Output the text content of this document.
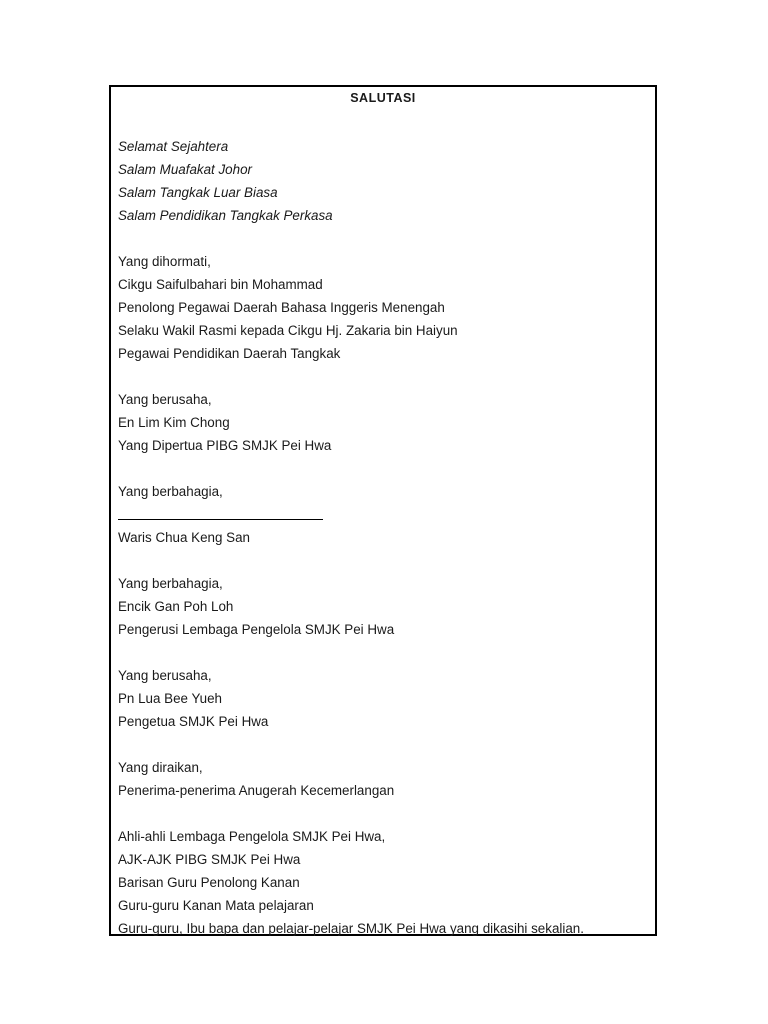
SALUTASI
Selamat Sejahtera
Salam Muafakat Johor
Salam Tangkak Luar Biasa
Salam Pendidikan Tangkak Perkasa
Yang dihormati,
Cikgu Saifulbahari bin Mohammad
Penolong Pegawai Daerah Bahasa Inggeris Menengah
Selaku Wakil Rasmi kepada Cikgu Hj. Zakaria bin Haiyun
Pegawai Pendidikan Daerah Tangkak
Yang berusaha,
En Lim Kim Chong
Yang Dipertua PIBG SMJK Pei Hwa
Yang berbahagia,
Waris Chua Keng San
Yang berbahagia,
Encik Gan Poh Loh
Pengerusi Lembaga Pengelola SMJK Pei Hwa
Yang berusaha,
Pn Lua Bee Yueh
Pengetua SMJK Pei Hwa
Yang diraikan,
Penerima-penerima Anugerah Kecemerlangan
Ahli-ahli Lembaga Pengelola SMJK Pei Hwa,
AJK-AJK PIBG SMJK Pei Hwa
Barisan Guru Penolong Kanan
Guru-guru Kanan Mata pelajaran
Guru-guru, Ibu bapa dan pelajar-pelajar SMJK Pei Hwa yang dikasihi sekalian.
